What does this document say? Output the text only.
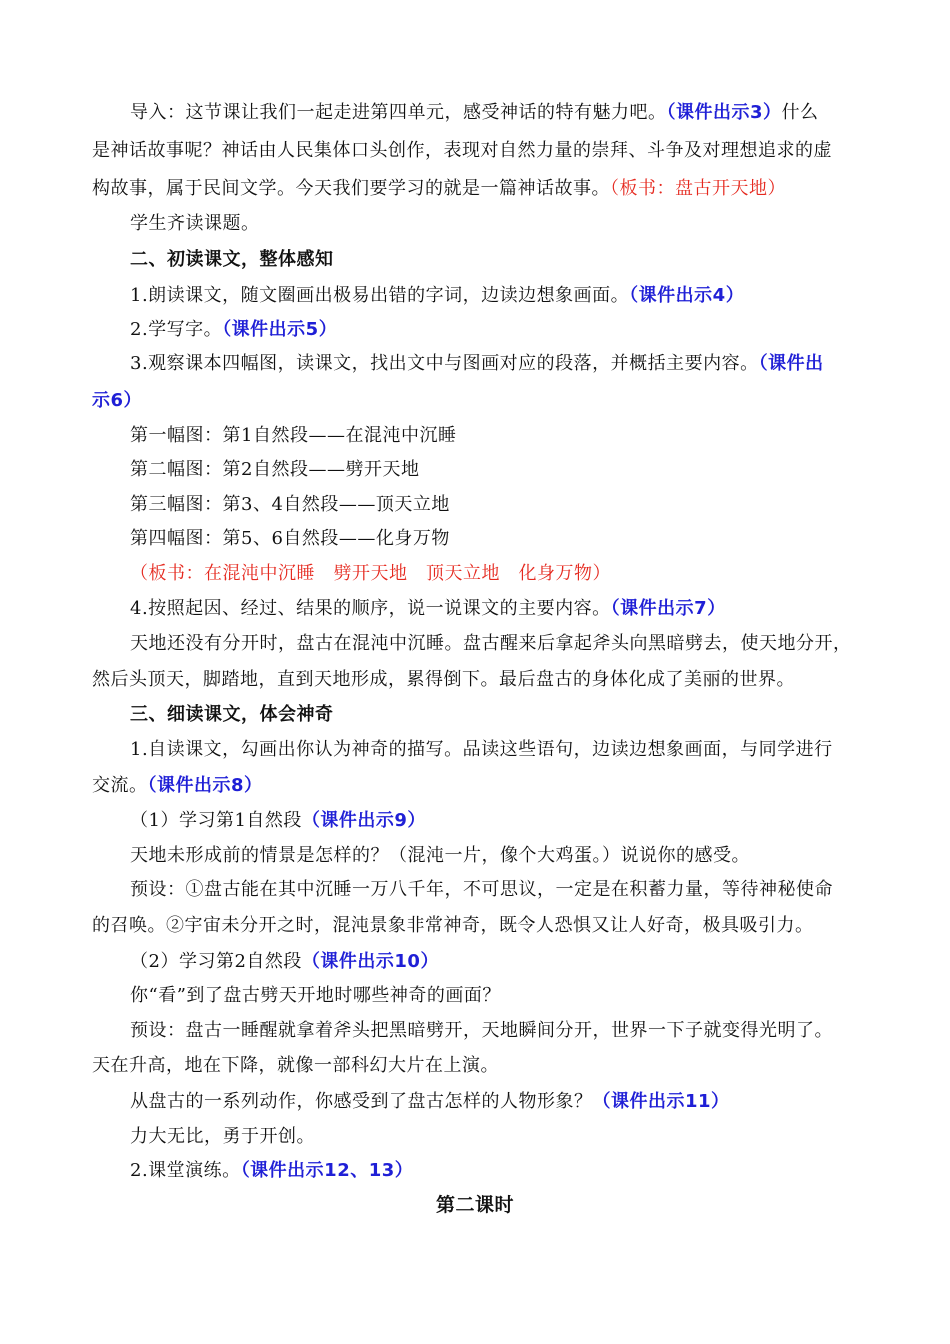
导入：这节课让我们一起走进第四单元，感受神话的特有魅力吧。（课件出示3）什么
是神话故事呢？神话由人民集体口头创作，表现对自然力量的崇拜、斗争及对理想追求的虚
构故事，属于民间文学。今天我们要学习的就是一篇神话故事。（板书：盘古开天地）
学生齐读课题。
二、初读课文，整体感知
1.朗读课文，随文圈画出极易出错的字词，边读边想象画面。（课件出示4）
2.学写字。（课件出示5）
3.观察课本四幅图，读课文，找出文中与图画对应的段落，并概括主要内容。（课件出
示6）
第一幅图：第1自然段——在混沌中沉睡
第二幅图：第2自然段——劈开天地
第三幅图：第3、4自然段——顶天立地
第四幅图：第5、6自然段——化身万物
（板书：在混沌中沉睡　劈开天地　顶天立地　化身万物）
4.按照起因、经过、结果的顺序，说一说课文的主要内容。（课件出示7）
天地还没有分开时，盘古在混沌中沉睡。盘古醒来后拿起斧头向黑暗劈去，使天地分开，
然后头顶天，脚踏地，直到天地形成，累得倒下。最后盘古的身体化成了美丽的世界。
三、细读课文，体会神奇
1.自读课文，勾画出你认为神奇的描写。品读这些语句，边读边想象画面，与同学进行
交流。（课件出示8）
（1）学习第1自然段（课件出示9）
天地未形成前的情景是怎样的？（混沌一片，像个大鸡蛋。）说说你的感受。
预设：①盘古能在其中沉睡一万八千年，不可思议，一定是在积蓄力量，等待神秘使命
的召唤。②宇宙未分开之时，混沌景象非常神奇，既令人恐惧又让人好奇，极具吸引力。
（2）学习第2自然段（课件出示10）
你“看”到了盘古劈天开地时哪些神奇的画面？
预设：盘古一睡醒就拿着斧头把黑暗劈开，天地瞬间分开，世界一下子就变得光明了。
天在升高，地在下降，就像一部科幻大片在上演。
从盘古的一系列动作，你感受到了盘古怎样的人物形象？（课件出示11）
力大无比，勇于开创。
2.课堂演练。（课件出示12、13）
第二课时
